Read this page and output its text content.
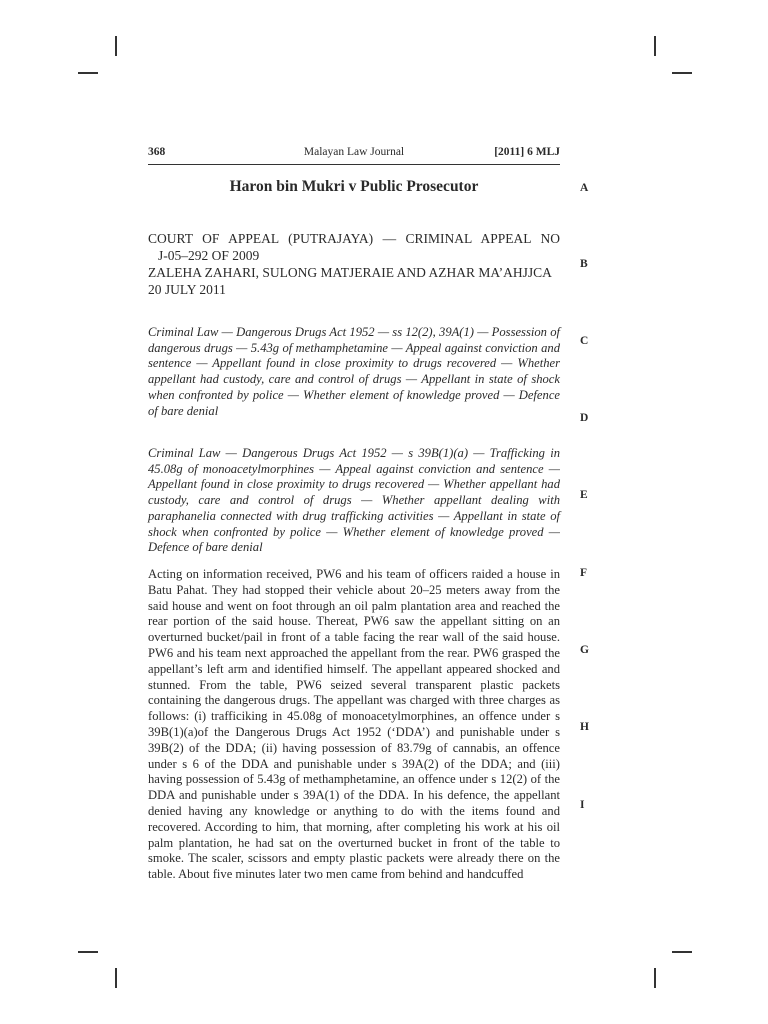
368	Malayan Law Journal	[2011] 6 MLJ
Haron bin Mukri v Public Prosecutor
COURT OF APPEAL (PUTRAJAYA) — CRIMINAL APPEAL NO
J-05–292 OF 2009
ZALEHA ZAHARI, SULONG MATJERAIE AND AZHAR MA’AHJJCA
20 JULY 2011
Criminal Law — Dangerous Drugs Act 1952 — ss 12(2), 39A(1) — Possession of dangerous drugs — 5.43g of methamphetamine — Appeal against conviction and sentence — Appellant found in close proximity to drugs recovered — Whether appellant had custody, care and control of drugs — Appellant in state of shock when confronted by police — Whether element of knowledge proved — Defence of bare denial
Criminal Law — Dangerous Drugs Act 1952 — s 39B(1)(a) — Trafficking in 45.08g of monoacetylmorphines — Appeal against conviction and sentence — Appellant found in close proximity to drugs recovered — Whether appellant had custody, care and control of drugs — Whether appellant dealing with paraphanelia connected with drug trafficking activities — Appellant in state of shock when confronted by police — Whether element of knowledge proved — Defence of bare denial
Acting on information received, PW6 and his team of officers raided a house in Batu Pahat. They had stopped their vehicle about 20–25 meters away from the said house and went on foot through an oil palm plantation area and reached the rear portion of the said house. Thereat, PW6 saw the appellant sitting on an overturned bucket/pail in front of a table facing the rear wall of the said house. PW6 and his team next approached the appellant from the rear. PW6 grasped the appellant’s left arm and identified himself. The appellant appeared shocked and stunned. From the table, PW6 seized several transparent plastic packets containing the dangerous drugs. The appellant was charged with three charges as follows: (i) trafficiking in 45.08g of monoacetylmorphines, an offence under s 39B(1)(a)of the Dangerous Drugs Act 1952 (‘DDA’) and punishable under s 39B(2) of the DDA; (ii) having possession of 83.79g of cannabis, an offence under s 6 of the DDA and punishable under s 39A(2) of the DDA; and (iii) having possession of 5.43g of methamphetamine, an offence under s 12(2) of the DDA and punishable under s 39A(1) of the DDA. In his defence, the appellant denied having any knowledge or anything to do with the items found and recovered. According to him, that morning, after completing his work at his oil palm plantation, he had sat on the overturned bucket in front of the table to smoke. The scaler, scissors and empty plastic packets were already there on the table. About five minutes later two men came from behind and handcuffed
A
B
C
D
E
F
G
H
I
